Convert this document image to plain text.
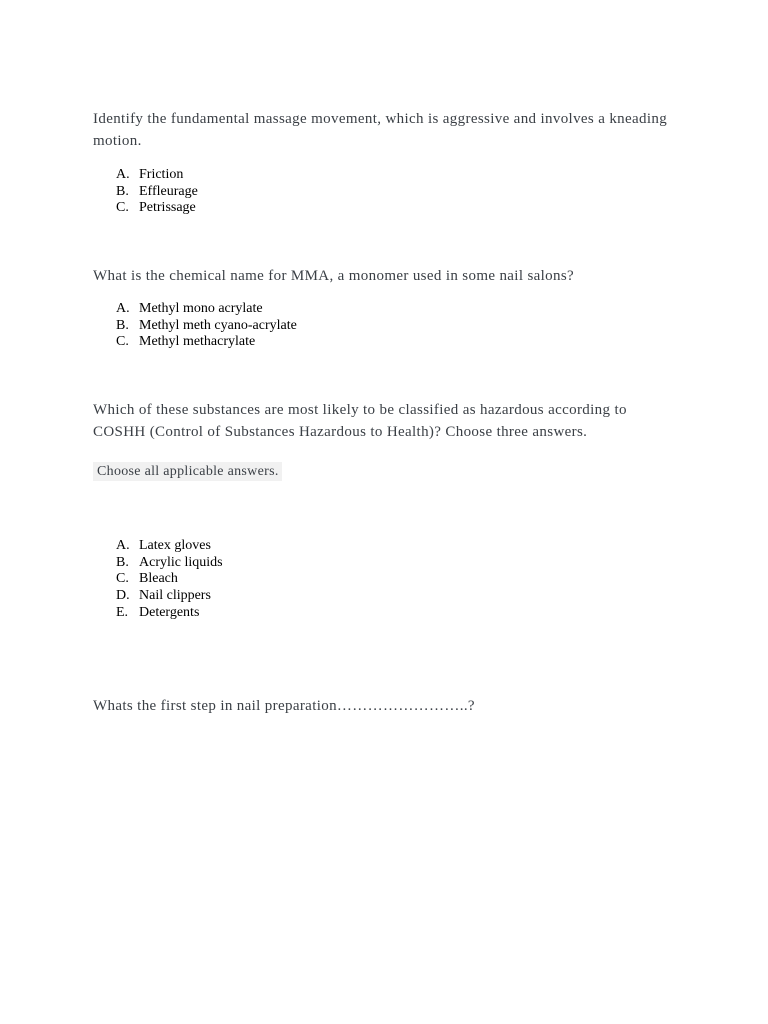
Identify the fundamental massage movement, which is aggressive and involves a kneading motion.

A. Friction
B. Effleurage
C. Petrissage

What is the chemical name for MMA, a monomer used in some nail salons?

A. Methyl mono acrylate
B. Methyl meth cyano-acrylate
C. Methyl methacrylate

Which of these substances are most likely to be classified as hazardous according to COSHH (Control of Substances Hazardous to Health)? Choose three answers.

Choose all applicable answers.
A. Latex gloves
B. Acrylic liquids
C. Bleach
D. Nail clippers
E. Detergents

Whats the first step in nail preparation……………………..?
